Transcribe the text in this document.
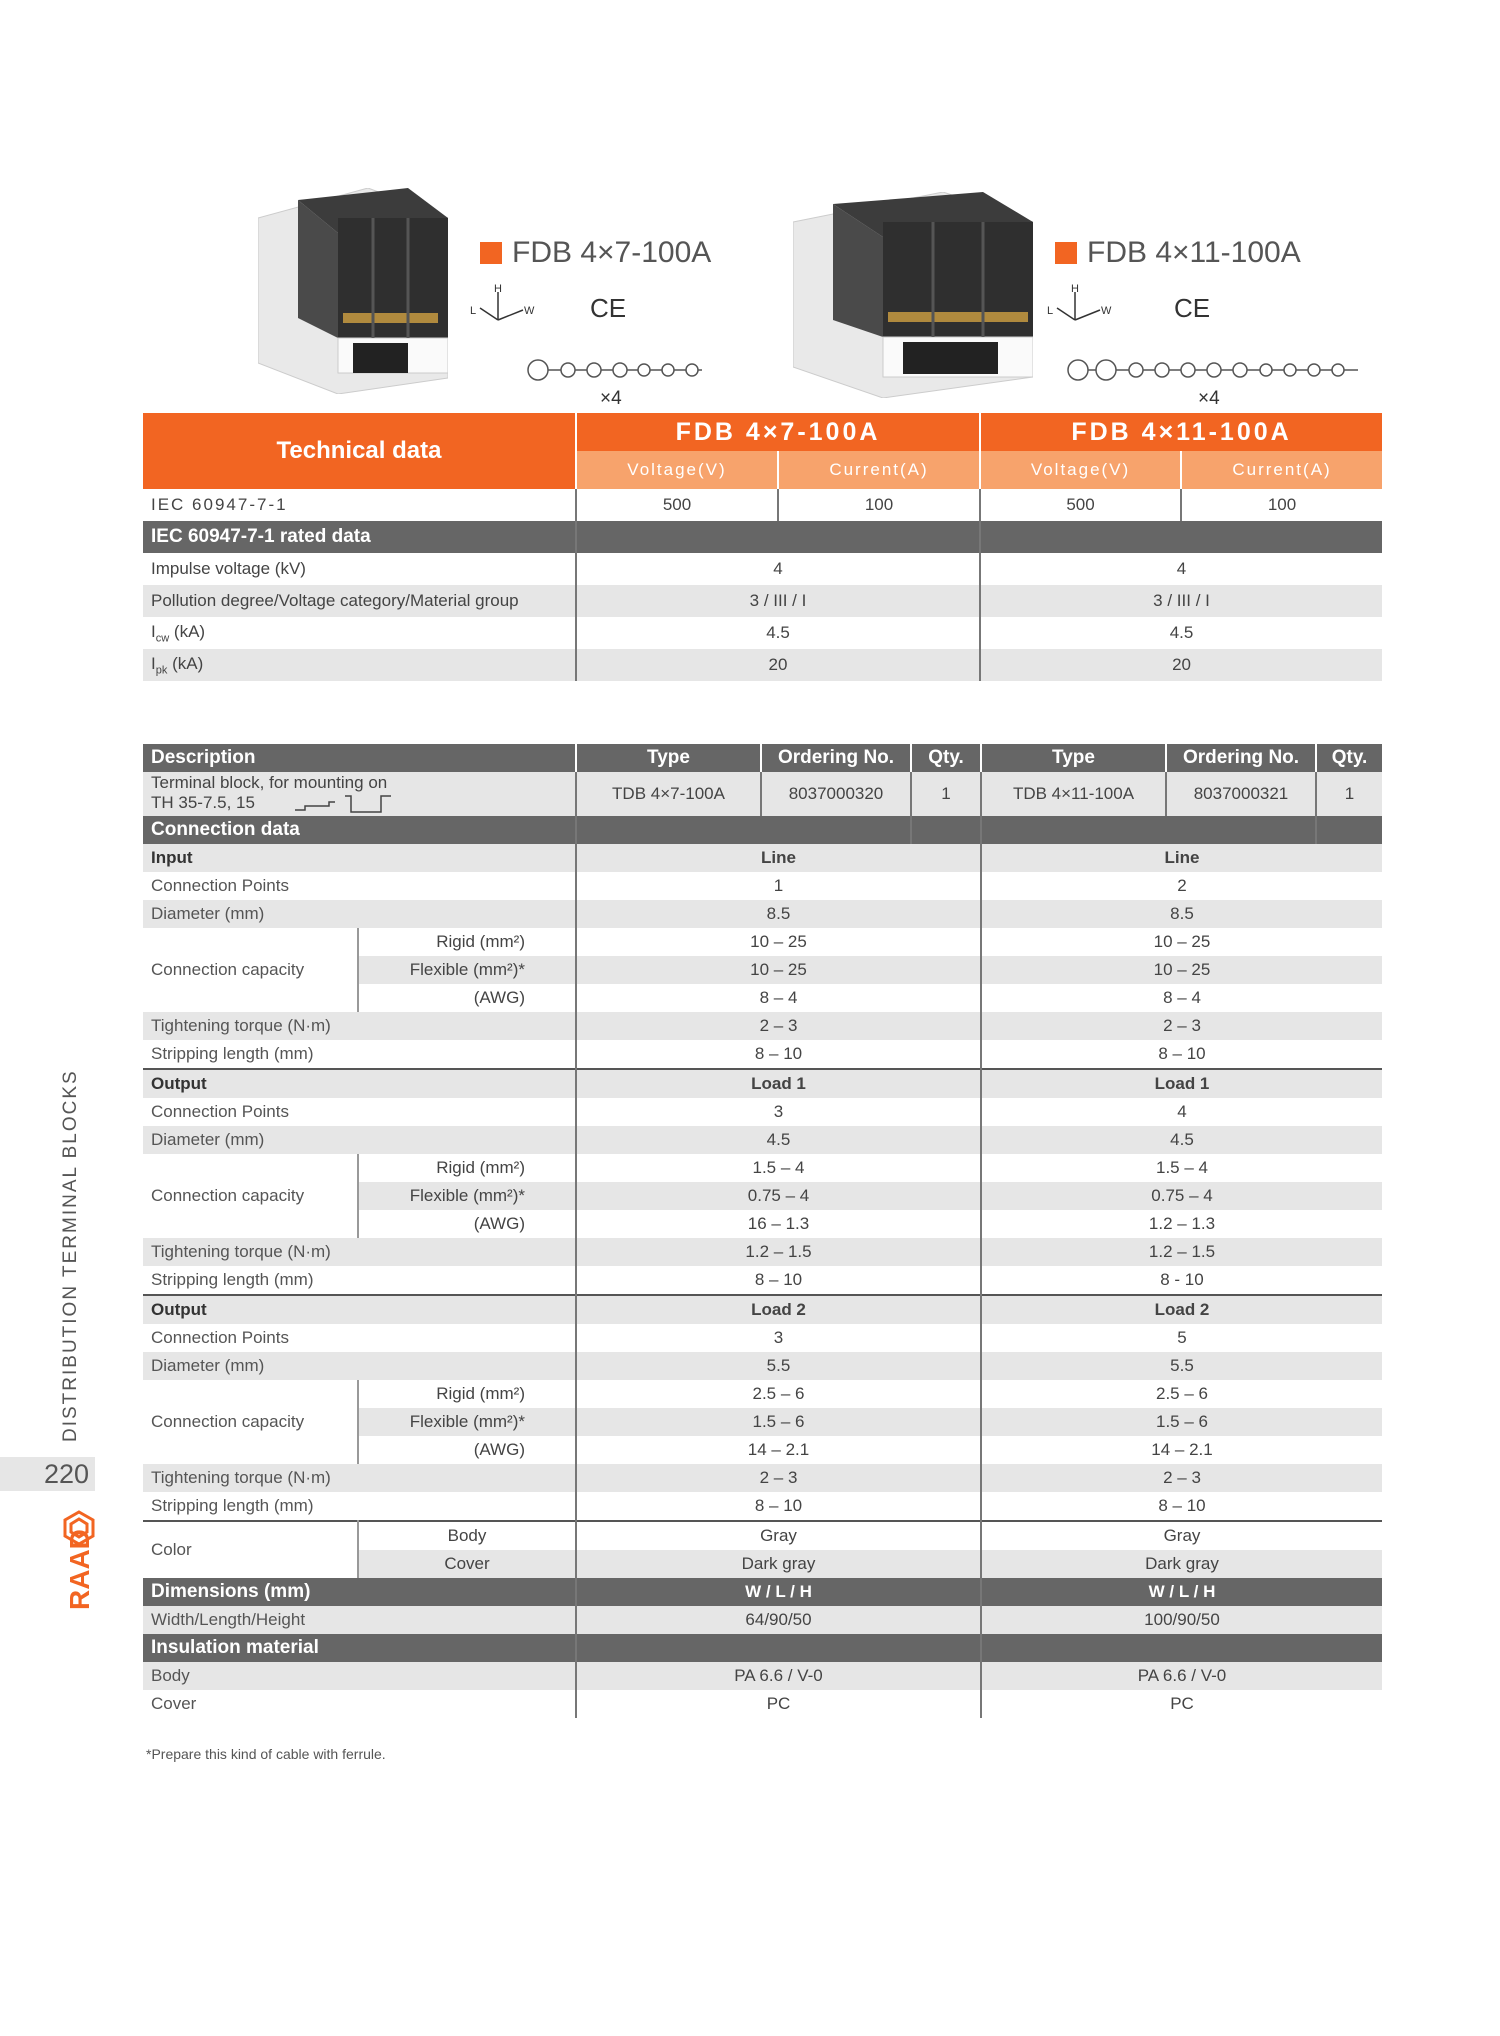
FDB 4×7-100A
H
L	W CE
×4
FDB 4×11-100A
H
L	W CE
×4
Technical data	FDB 4×7-100A		FDB 4×11-100A	
	Voltage(V)	Current(A)	Voltage(V)	Current(A)
IEC 60947-7-1	500	100	500	100
IEC 60947-7-1 rated data				
Impulse voltage (kV)	4		4	
Pollution degree/Voltage category/Material group	3 / III / I		3 / III / I	
$I_{cw}$ (kA)	4.5		4.5	
$I_{pk}$ (kA)	20		20	
Description		Type	Ordering No.	Qty.	Type	Ordering No.	Qty.

Terminal block, for mounting on
TH 35-7.5, 15		TDB 4×7-100A	8037000320	1	TDB 4×11-100A	8037000321	1
Connection data							
Input		Line			Line		
Connection Points		1			2		
Diameter (mm)		8.5			8.5		
Connection capacity	Rigid (mm²)	10 – 25			10 – 25		
	Flexible (mm²)*	10 – 25			10 – 25		
	(AWG)	8 – 4			8 – 4		
Tightening torque (N·m)		2 – 3			2 – 3		
Stripping length (mm)		8 – 10			8 – 10		
Output		Load 1			Load 1		
Connection Points		3			4		
Diameter (mm)		4.5			4.5		
Connection capacity	Rigid (mm²)	1.5 – 4			1.5 – 4		
	Flexible (mm²)*	0.75 – 4			0.75 – 4		
	(AWG)	16 – 1.3			1.2 – 1.3		
Tightening torque (N·m)		1.2 – 1.5			1.2 – 1.5		
Stripping length (mm)		8 – 10			8 - 10		
Output		Load 2			Load 2		
Connection Points		3			5		
Diameter (mm)		5.5			5.5		
Connection capacity	Rigid (mm²)	2.5 – 6			2.5 – 6		
	Flexible (mm²)*	1.5 – 6			1.5 – 6		
	(AWG)	14 – 2.1			14 – 2.1		
Tightening torque (N·m)		2 – 3			2 – 3		
Stripping length (mm)		8 – 10			8 – 10		
Color	Body	Gray			Gray		
	Cover	Dark gray			Dark gray		
Dimensions (mm)		W / L / H			W / L / H		
Width/Length/Height		64/90/50			100/90/50		
Insulation material							
Body		PA 6.6 / V-0			PA 6.6 / V-0		
Cover		PC			PC		
*Prepare this kind of cable with ferrule.
DISTRIBUTION TERMINAL BLOCKS
220
RAAD
